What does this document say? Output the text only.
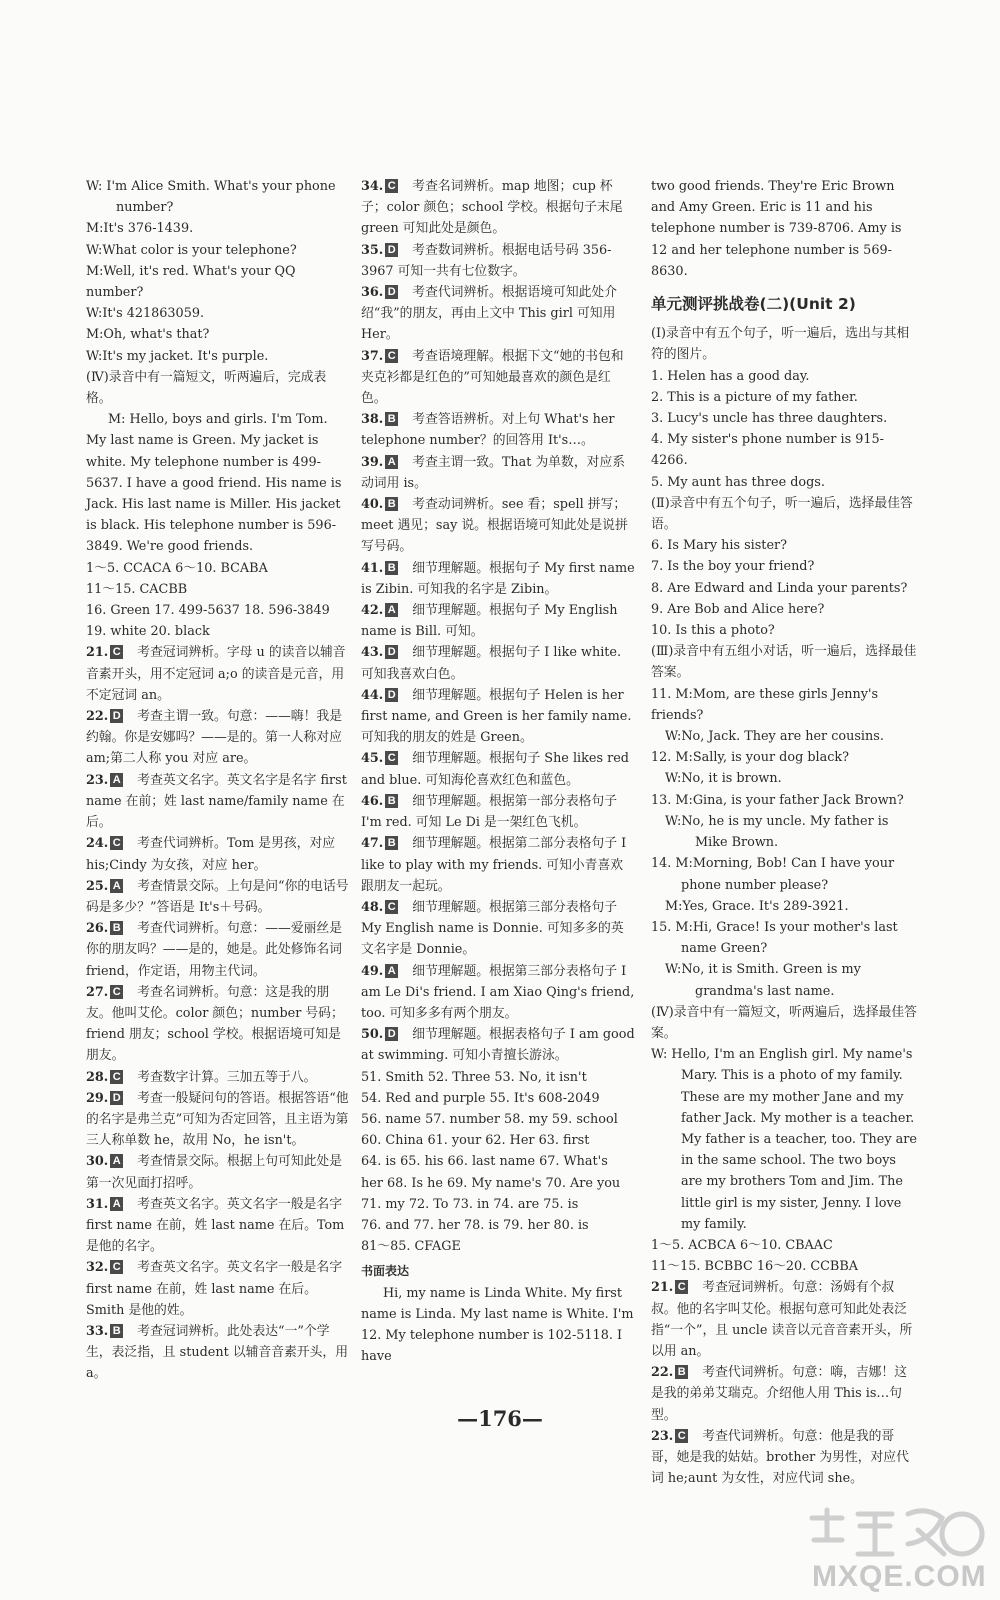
W: I'm Alice Smith. What's your phone number?
M:It's 376-1439.
W:What color is your telephone?
M:Well, it's red. What's your QQ number?
W:It's 421863059.
M:Oh, what's that?
W:It's my jacket. It's purple.
(Ⅳ)录音中有一篇短文，听两遍后，完成表格。
M: Hello, boys and girls. I'm Tom. My last name is Green. My jacket is white. My telephone number is 499-5637. I have a good friend. His name is Jack. His last name is Miller. His jacket is black. His telephone number is 596-3849. We're good friends.
1～5. CCACA 6～10. BCABA
11～15. CACBB
16. Green 17. 499-5637 18. 596-3849
19. white 20. black
21. C 考查冠词辨析。字母 u 的读音以辅音音素开头，用不定冠词 a;o 的读音是元音，用不定冠词 an。
22. D 考查主谓一致。句意：——嗨！我是约翰。你是安娜吗？——是的。第一人称对应 am;第二人称 you 对应 are。
23. A 考查英文名字。英文名字是名字 first name 在前；姓 last name/family name 在后。
24. C 考查代词辨析。Tom 是男孩，对应 his;Cindy 为女孩，对应 her。
25. A 考查情景交际。上句是问“你的电话号码是多少？”答语是 It's＋号码。
26. B 考查代词辨析。句意：——爱丽丝是你的朋友吗？——是的，她是。此处修饰名词 friend，作定语，用物主代词。
27. C 考查名词辨析。句意：这是我的朋友。他叫艾伦。color 颜色；number 号码；friend 朋友；school 学校。根据语境可知是朋友。
28. C 考查数字计算。三加五等于八。
29. D 考查一般疑问句的答语。根据答语“他的名字是弗兰克”可知为否定回答，且主语为第三人称单数 he，故用 No，he isn't。
30. A 考查情景交际。根据上句可知此处是第一次见面打招呼。
31. A 考查英文名字。英文名字一般是名字 first name 在前，姓 last name 在后。Tom 是他的名字。
32. C 考查英文名字。英文名字一般是名字 first name 在前，姓 last name 在后。Smith 是他的姓。
33. B 考查冠词辨析。此处表达“一”个学生，表泛指，且 student 以辅音音素开头，用 a。
34. C 考查名词辨析。map 地图；cup 杯子；color 颜色；school 学校。根据句子末尾 green 可知此处是颜色。
35. D 考查数词辨析。根据电话号码 356-3967 可知一共有七位数字。
36. D 考查代词辨析。根据语境可知此处介绍“我”的朋友，再由上文中 This girl 可知用 Her。
37. C 考查语境理解。根据下文“她的书包和夹克衫都是红色的”可知她最喜欢的颜色是红色。
38. B 考查答语辨析。对上句 What's her telephone number？的回答用 It's…。
39. A 考查主谓一致。That 为单数，对应系动词用 is。
40. B 考查动词辨析。see 看；spell 拼写；meet 遇见；say 说。根据语境可知此处是说拼写号码。
41. B 细节理解题。根据句子 My first name is Zibin. 可知我的名字是 Zibin。
42. A 细节理解题。根据句子 My English name is Bill. 可知。
43. D 细节理解题。根据句子 I like white. 可知我喜欢白色。
44. D 细节理解题。根据句子 Helen is her first name, and Green is her family name. 可知我的朋友的姓是 Green。
45. C 细节理解题。根据句子 She likes red and blue. 可知海伦喜欢红色和蓝色。
46. B 细节理解题。根据第一部分表格句子 I'm red. 可知 Le Di 是一架红色飞机。
47. B 细节理解题。根据第二部分表格句子 I like to play with my friends. 可知小青喜欢跟朋友一起玩。
48. C 细节理解题。根据第三部分表格句子 My English name is Donnie. 可知多多的英文名字是 Donnie。
49. A 细节理解题。根据第三部分表格句子 I am Le Di's friend. I am Xiao Qing's friend, too. 可知多多有两个朋友。
50. D 细节理解题。根据表格句子 I am good at swimming. 可知小青擅长游泳。
51. Smith 52. Three 53. No, it isn't
54. Red and purple 55. It's 608-2049
56. name 57. number 58. my 59. school
60. China 61. your 62. Her 63. first
64. is 65. his 66. last name 67. What's
her 68. Is he 69. My name's 70. Are you
71. my 72. To 73. in 74. are 75. is
76. and 77. her 78. is 79. her 80. is
81～85. CFAGE
书面表达
Hi, my name is Linda White. My first name is Linda. My last name is White. I'm 12. My telephone number is 102-5118. I have
two good friends. They're Eric Brown and Amy Green. Eric is 11 and his telephone number is 739-8706. Amy is 12 and her telephone number is 569-8630.
单元测评挑战卷(二)(Unit 2)
(Ⅰ)录音中有五个句子，听一遍后，选出与其相符的图片。
1. Helen has a good day.
2. This is a picture of my father.
3. Lucy's uncle has three daughters.
4. My sister's phone number is 915-4266.
5. My aunt has three dogs.
(Ⅱ)录音中有五个句子，听一遍后，选择最佳答语。
6. Is Mary his sister?
7. Is the boy your friend?
8. Are Edward and Linda your parents?
9. Are Bob and Alice here?
10. Is this a photo?
(Ⅲ)录音中有五组小对话，听一遍后，选择最佳答案。
11. M:Mom, are these girls Jenny's friends?
W:No, Jack. They are her cousins.
12. M:Sally, is your dog black?
W:No, it is brown.
13. M:Gina, is your father Jack Brown?
W:No, he is my uncle. My father is Mike Brown.
14. M:Morning, Bob! Can I have your phone number please?
M:Yes, Grace. It's 289-3921.
15. M:Hi, Grace! Is your mother's last name Green?
W:No, it is Smith. Green is my grandma's last name.
(Ⅳ)录音中有一篇短文，听两遍后，选择最佳答案。
W: Hello, I'm an English girl. My name's Mary. This is a photo of my family. These are my mother Jane and my father Jack. My mother is a teacher. My father is a teacher, too. They are in the same school. The two boys are my brothers Tom and Jim. The little girl is my sister, Jenny. I love my family.
1～5. ACBCA 6～10. CBAAC
11～15. BCBBC 16～20. CCBBA
21. C 考查冠词辨析。句意：汤姆有个叔叔。他的名字叫艾伦。根据句意可知此处表泛指“一个”，且 uncle 读音以元音音素开头，所以用 an。
22. B 考查代词辨析。句意：嗨，吉娜！这是我的弟弟艾瑞克。介绍他人用 This is…句型。
23. C 考查代词辨析。句意：他是我的哥哥，她是我的姑姑。brother 为男性，对应代词 he;aunt 为女性，对应代词 she。
—176—
MXQE.COM
